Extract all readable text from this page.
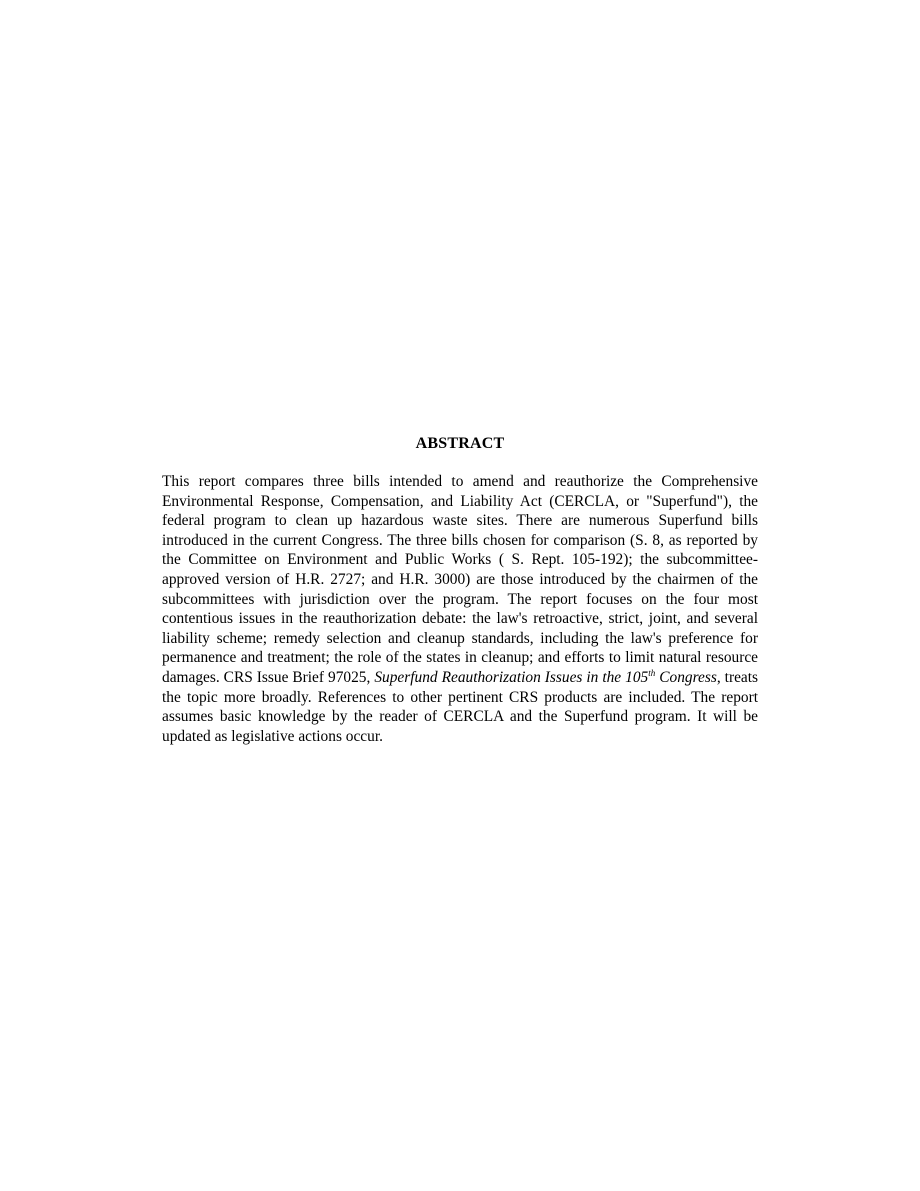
ABSTRACT

This report compares three bills intended to amend and reauthorize the Comprehensive Environmental Response, Compensation, and Liability Act (CERCLA, or "Superfund"), the federal program to clean up hazardous waste sites. There are numerous Superfund bills introduced in the current Congress. The three bills chosen for comparison (S. 8, as reported by the Committee on Environment and Public Works ( S. Rept. 105-192); the subcommittee-approved version of H.R. 2727; and H.R. 3000) are those introduced by the chairmen of the subcommittees with jurisdiction over the program. The report focuses on the four most contentious issues in the reauthorization debate: the law's retroactive, strict, joint, and several liability scheme; remedy selection and cleanup standards, including the law's preference for permanence and treatment; the role of the states in cleanup; and efforts to limit natural resource damages. CRS Issue Brief 97025, Superfund Reauthorization Issues in the 105th Congress, treats the topic more broadly. References to other pertinent CRS products are included. The report assumes basic knowledge by the reader of CERCLA and the Superfund program. It will be updated as legislative actions occur.
